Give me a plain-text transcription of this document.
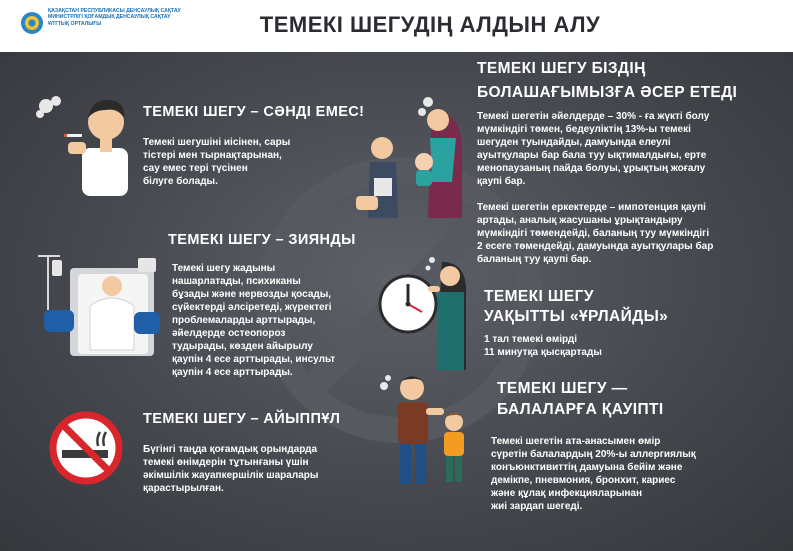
ҚАЗАҚСТАН РЕСПУБЛИКАСЫ ДЕНСАУЛЫҚ САҚТАУ МИНИСТРЛІГІ ҚОҒАМДЫҚ ДЕНСАУЛЫҚ САҚТАУ ҰЛТТЫҚ ОРТАЛЫҒЫ	ТЕМЕКІ ШЕГУДІҢ АЛДЫН АЛУ
ТЕМЕКІ ШЕГУ – СӘНДІ ЕМЕС!
Темекі шегушіні иісінен, сары
тістері мен тырнақтарынан,
сау емес тері түсінен
білуге болады.
ТЕМЕКІ ШЕГУ – ЗИЯНДЫ
Темекі шегу жадыны
нашарлатады, психиканы
бұзады және нервозды қосады,
сүйектерді әлсіретеді, жүректегі
проблемаларды арттырады,
әйелдерде остеопороз
тудырады, көзден айырылу
қаупін 4 есе арттырады, инсульт
қаупін 4 есе арттырады.
ТЕМЕКІ ШЕГУ – АЙЫППҰЛ
Бүгінгі таңда қоғамдық орындарда
темекі өнімдерін тұтынғаны үшін
әкімшілік жауапкершілік шаралары
қарастырылған.
ТЕМЕКІ ШЕГУ БІЗДІҢ
БОЛАШАҒЫМЫЗҒА ӘСЕР ЕТЕДІ
Темекі шегетін әйелдерде – 30% - ға жүкті болу
мүмкіндігі төмен, бедеуліктің 13%-ы темекі
шегуден туындайды, дамуында елеулі
ауытқулары бар бала туу ықтималдығы, ерте
менопаузаның пайда болуы, ұрықтың жоғалу
қаупі бар.
Темекі шегетін еркектерде – импотенция қаупі
артады, аналық жасушаны ұрықтандыру
мүмкіндігі төмендейді, баланың туу мүмкіндігі
2 есеге төмендейді, дамуында ауытқулары бар
баланың туу қаупі бар.
ТЕМЕКІ ШЕГУ
УАҚЫТТЫ «ҰРЛАЙДЫ»
1 тал темекі өмірді
11 минутқа қысқартады
ТЕМЕКІ ШЕГУ —
БАЛАЛАРҒА ҚАУІПТІ
Темекі шегетін ата-анасымен өмір
сүретін балалардың 20%-ы аллергиялық
конъюнктивиттің дамуына бейім және
демікпе, пневмония, бронхит, кариес
және құлақ инфекцияларынан
жиі зардап шегеді.
